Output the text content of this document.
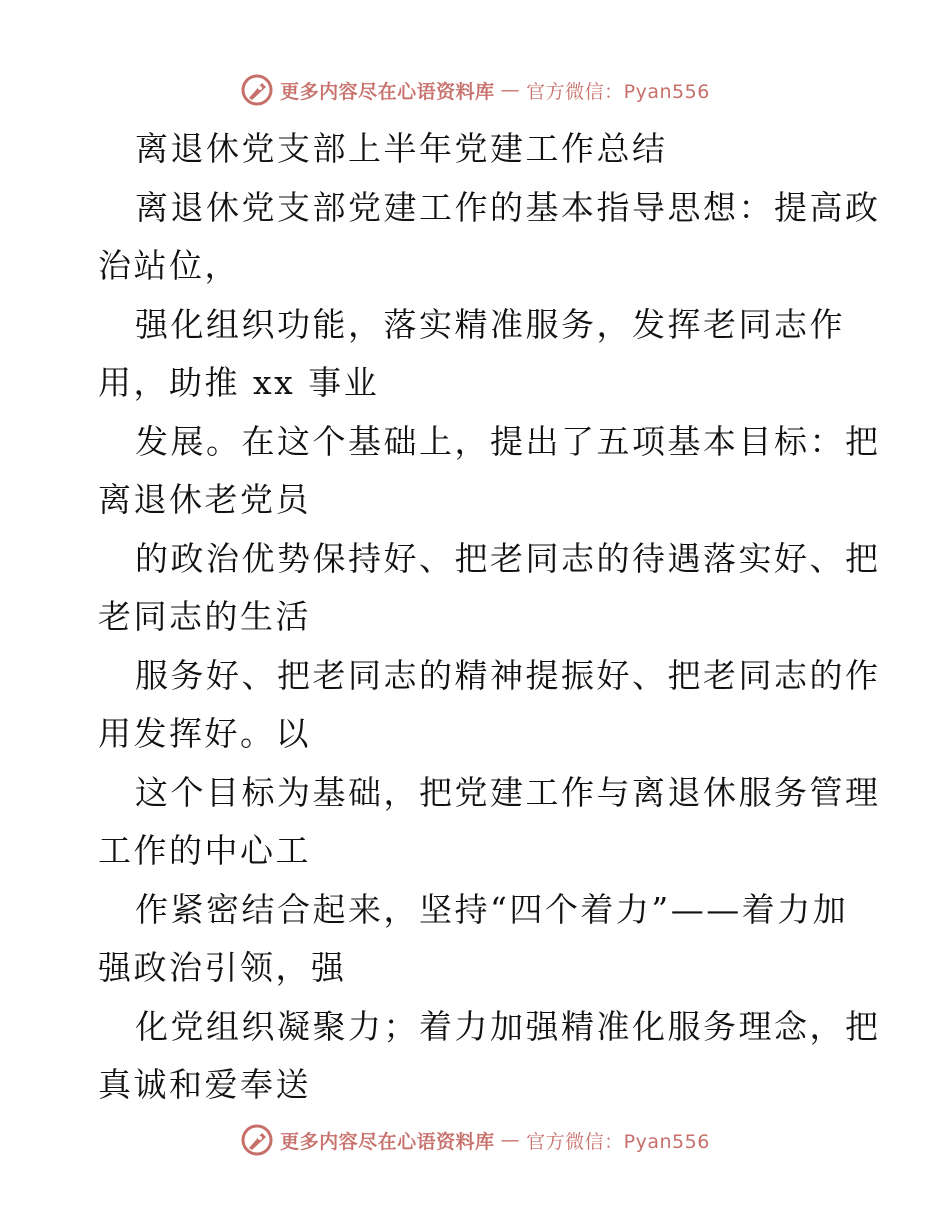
更多内容尽在心语资料库 — 官方微信：Pyan556
离退休党支部上半年党建工作总结
离退休党支部党建工作的基本指导思想：提高政
治站位，
强化组织功能，落实精准服务，发挥老同志作
用，助推 xx 事业
发展。在这个基础上，提出了五项基本目标：把
离退休老党员
的政治优势保持好、把老同志的待遇落实好、把
老同志的生活
服务好、把老同志的精神提振好、把老同志的作
用发挥好。以
这个目标为基础，把党建工作与离退休服务管理
工作的中心工
作紧密结合起来，坚持“四个着力”——着力加
强政治引领，强
化党组织凝聚力；着力加强精准化服务理念，把
真诚和爱奉送
更多内容尽在心语资料库 — 官方微信：Pyan556
